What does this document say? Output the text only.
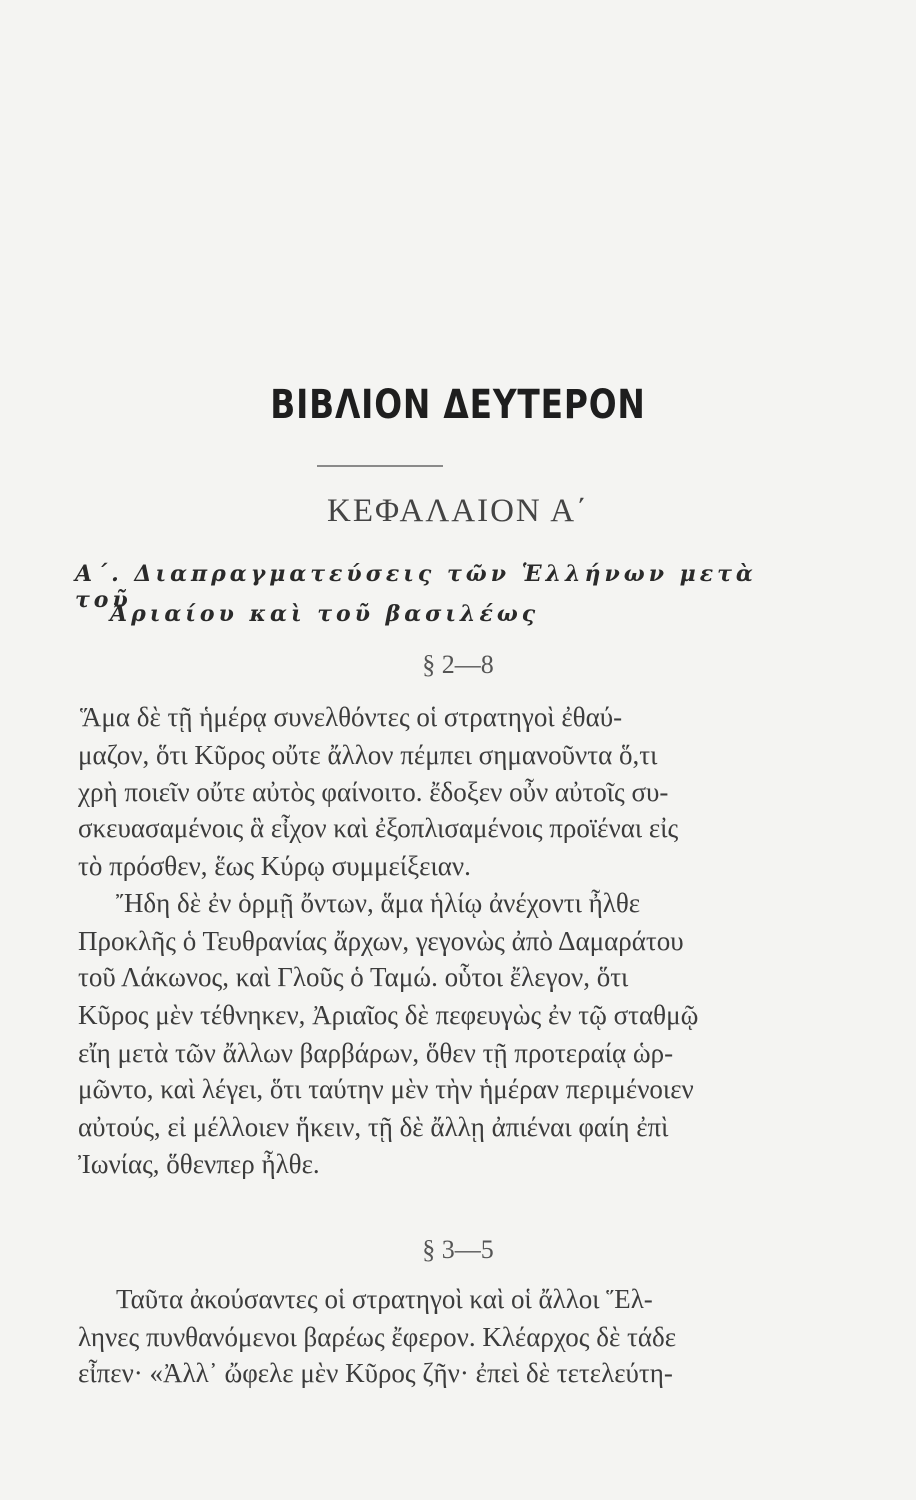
ΒΙΒΛΙΟΝ ΔΕΥΤΕΡΟΝ
ΚΕΦΑΛΑΙΟΝ Α΄
Α΄. Διαπραγματεύσεις τῶν Ἑλλήνων μετὰ τοῦ
Ἀριαίου καὶ τοῦ βασιλέως
§ 2—8
Ἅμα δὲ τῇ ἡμέρᾳ συνελθόντες οἱ στρατηγοὶ ἐθαύ-
μαζον, ὅτι Κῦρος οὔτε ἄλλον πέμπει σημανοῦντα ὅ,τι
χρὴ ποιεῖν οὔτε αὐτὸς φαίνοιτο. ἔδοξεν οὖν αὐτοῖς συ-
σκευασαμένοις ἃ εἶχον καὶ ἐξοπλισαμένοις προϊέναι εἰς
τὸ πρόσθεν, ἕως Κύρῳ συμμείξειαν.
Ἤδη δὲ ἐν ὁρμῇ ὄντων, ἅμα ἡλίῳ ἀνέχοντι ἦλθε
Προκλῆς ὁ Τευθρανίας ἄρχων, γεγονὼς ἀπὸ Δαμαράτου
τοῦ Λάκωνος, καὶ Γλοῦς ὁ Ταμώ. οὗτοι ἔλεγον, ὅτι
Κῦρος μὲν τέθνηκεν, Ἀριαῖος δὲ πεφευγὼς ἐν τῷ σταθμῷ
εἴη μετὰ τῶν ἄλλων βαρβάρων, ὅθεν τῇ προτεραίᾳ ὡρ-
μῶντο, καὶ λέγει, ὅτι ταύτην μὲν τὴν ἡμέραν περιμένοιεν
αὐτούς, εἰ μέλλοιεν ἥκειν, τῇ δὲ ἄλλῃ ἀπιέναι φαίη ἐπὶ
Ἰωνίας, ὅθενπερ ἦλθε.
§ 3—5
Ταῦτα ἀκούσαντες οἱ στρατηγοὶ καὶ οἱ ἄλλοι Ἕλ-
ληνες πυνθανόμενοι βαρέως ἔφερον. Κλέαρχος δὲ τάδε
εἶπεν· «Ἀλλ᾽ ὤφελε μὲν Κῦρος ζῆν· ἐπεὶ δὲ τετελεύτη-
